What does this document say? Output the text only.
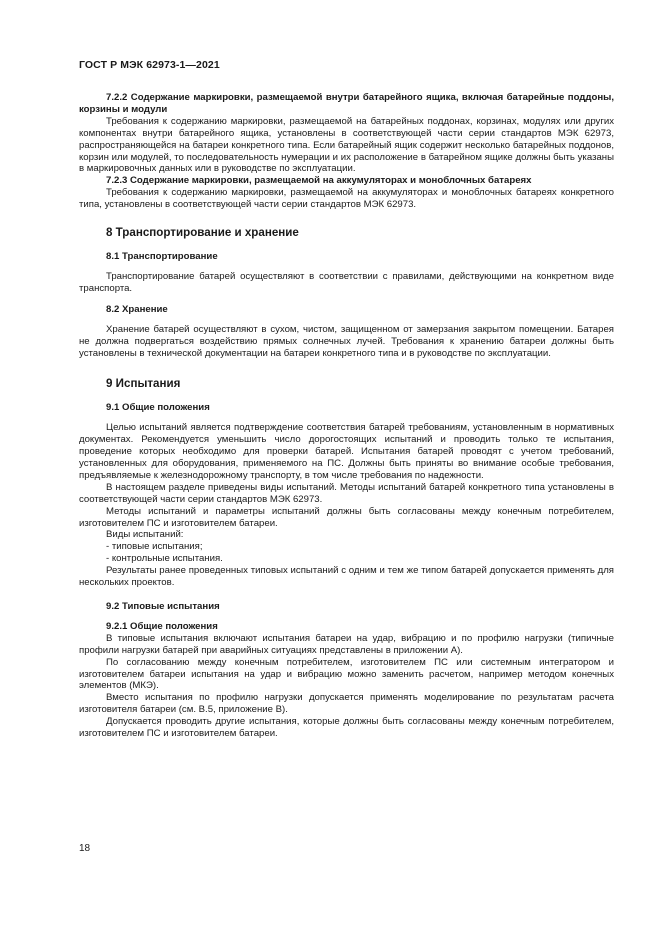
ГОСТ Р МЭК 62973-1—2021

7.2.2 Содержание маркировки, размещаемой внутри батарейного ящика, включая батарейные поддоны, корзины и модули

Требования к содержанию маркировки, размещаемой на батарейных поддонах, корзинах, модулях или других компонентах внутри батарейного ящика, установлены в соответствующей части серии стандартов МЭК 62973, распространяющейся на батареи конкретного типа. Если батарейный ящик содержит несколько батарейных поддонов, корзин или модулей, то последовательность нумерации и их расположение в батарейном ящике должны быть указаны в маркировочных данных или в руководстве по эксплуатации.

7.2.3 Содержание маркировки, размещаемой на аккумуляторах и моноблочных батареях

Требования к содержанию маркировки, размещаемой на аккумуляторах и моноблочных батареях конкретного типа, установлены в соответствующей части серии стандартов МЭК 62973.

8 Транспортирование и хранение

8.1 Транспортирование

Транспортирование батарей осуществляют в соответствии с правилами, действующими на конкретном виде транспорта.

8.2 Хранение

Хранение батарей осуществляют в сухом, чистом, защищенном от замерзания закрытом помещении. Батарея не должна подвергаться воздействию прямых солнечных лучей. Требования к хранению батареи должны быть установлены в технической документации на батареи конкретного типа и в руководстве по эксплуатации.

9 Испытания

9.1 Общие положения

Целью испытаний является подтверждение соответствия батарей требованиям, установленным в нормативных документах. Рекомендуется уменьшить число дорогостоящих испытаний и проводить только те испытания, проведение которых необходимо для проверки батарей. Испытания батарей проводят с учетом требований, установленных для оборудования, применяемого на ПС. Должны быть приняты во внимание особые требования, предъявляемые к железнодорожному транспорту, в том числе требования по надежности.

В настоящем разделе приведены виды испытаний. Методы испытаний батарей конкретного типа установлены в соответствующей части серии стандартов МЭК 62973.

Методы испытаний и параметры испытаний должны быть согласованы между конечным потребителем, изготовителем ПС и изготовителем батареи.

Виды испытаний:

- типовые испытания;

- контрольные испытания.

Результаты ранее проведенных типовых испытаний с одним и тем же типом батарей допускается применять для нескольких проектов.

9.2 Типовые испытания

9.2.1 Общие положения

В типовые испытания включают испытания батареи на удар, вибрацию и по профилю нагрузки (типичные профили нагрузки батарей при аварийных ситуациях представлены в приложении А).

По согласованию между конечным потребителем, изготовителем ПС или системным интегратором и изготовителем батареи испытания на удар и вибрацию можно заменить расчетом, например методом конечных элементов (МКЭ).

Вместо испытания по профилю нагрузки допускается применять моделирование по результатам расчета изготовителя батареи (см. В.5, приложение В).

Допускается проводить другие испытания, которые должны быть согласованы между конечным потребителем, изготовителем ПС и изготовителем батареи.

18
